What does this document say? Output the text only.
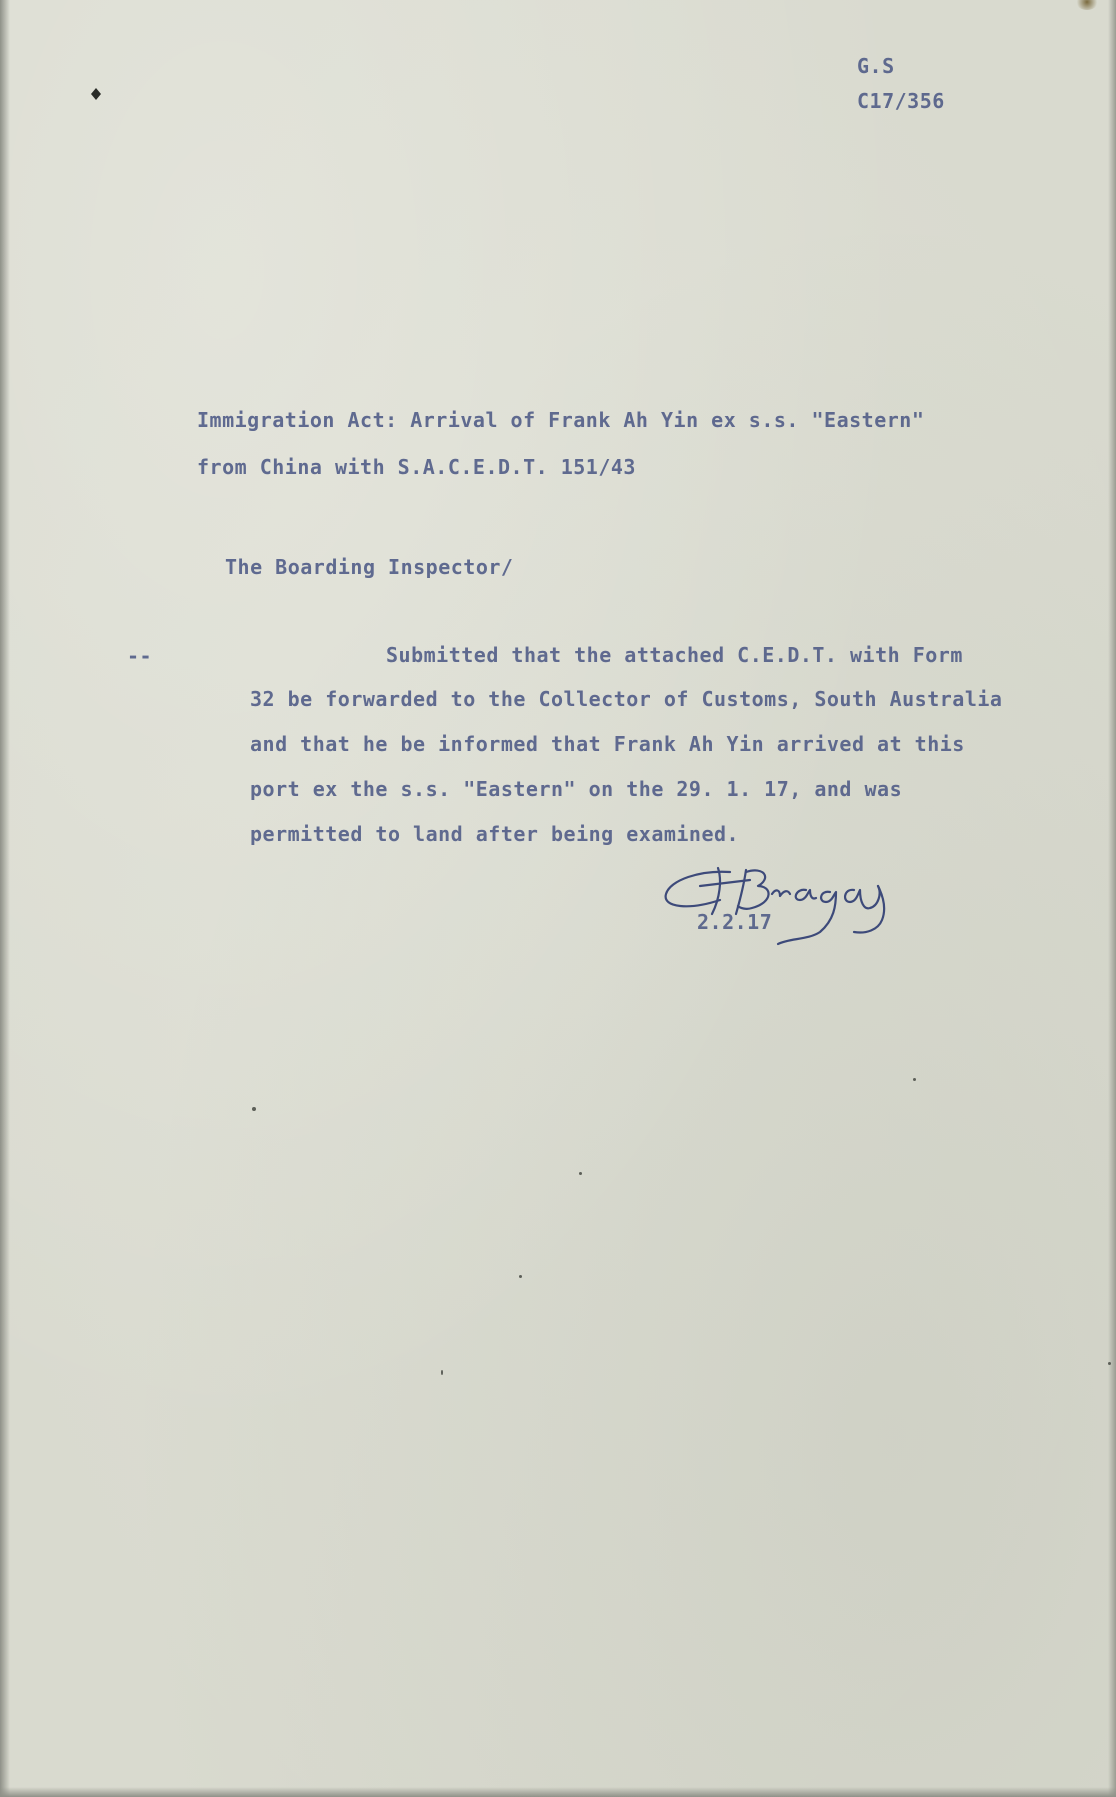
G.S
C17/356
Immigration Act: Arrival of Frank Ah Yin ex s.s. "Eastern"
from China with S.A.C.E.D.T. 151/43
The Boarding Inspector/
--	Submitted that the attached C.E.D.T. with Form
32 be forwarded to the Collector of Customs, South Australia
and that he be informed that Frank Ah Yin arrived at this
port ex the s.s. "Eastern" on the 29. 1. 17, and was
permitted to land after being examined.
2.2.17
